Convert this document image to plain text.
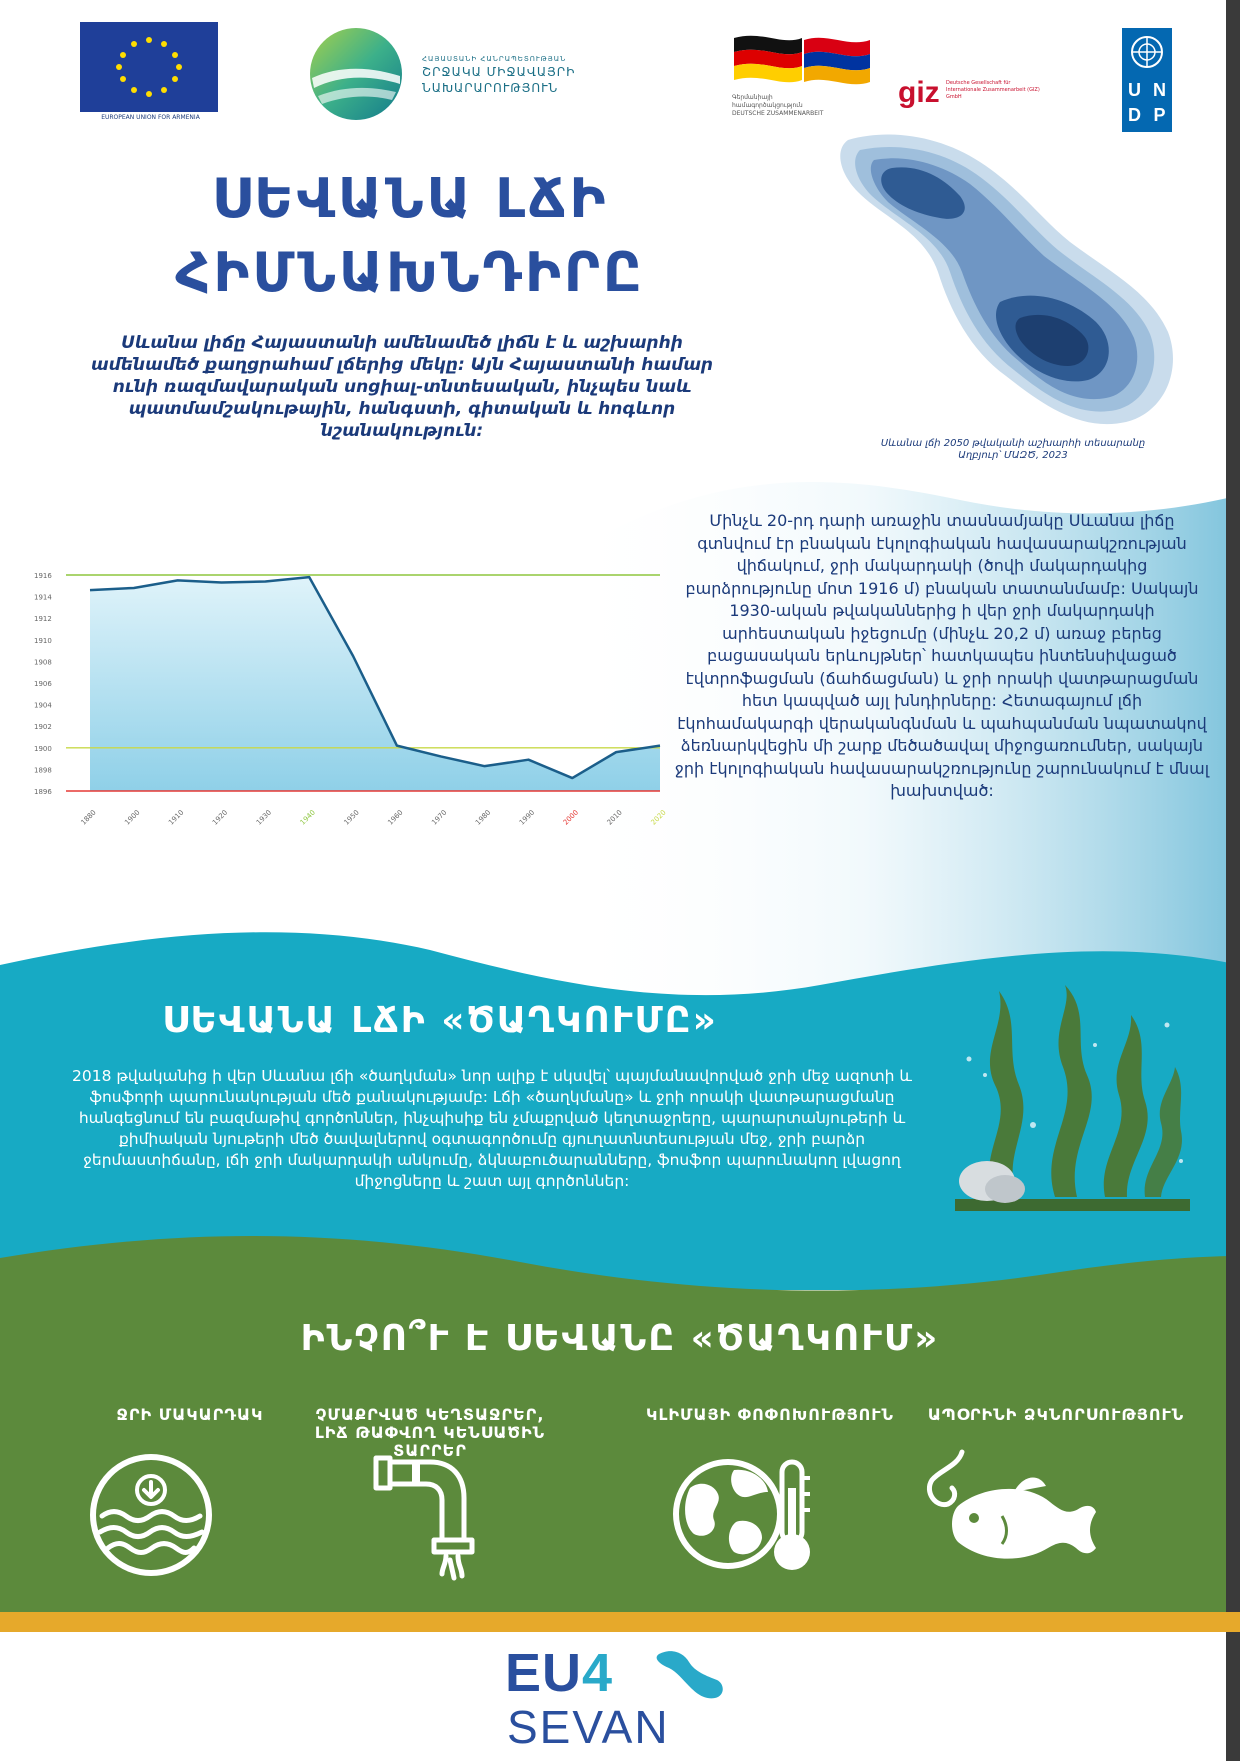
EUROPEAN UNION FOR ARMENIA
ՀԱՅԱՍՏԱՆԻ ՀԱՆՐԱՊԵՏՈՒԹՅԱՆ
ՇՐՋԱԿԱ ՄԻՋԱՎԱՅՐԻ
ՆԱԽԱՐԱՐՈՒԹՅՈՒՆ
Գերմանիայի
համագործակցություն
DEUTSCHE ZUSAMMENARBEIT
giz Deutsche Gesellschaft für Internationale Zusammenarbeit (GIZ) GmbH	U N
D P
ՍԵՎԱՆԱ ԼՃԻ
ՀԻՄՆԱԽՆԴԻՐԸ
Սևանա լիճը Հայաստանի ամենամեծ լիճն է և աշխարհի ամենամեծ քաղցրահամ լճերից մեկը: Այն Հայաստանի համար ունի ռազմավարական սոցիալ-տնտեսական, ինչպես նաև պատմամշակութային, հանգստի, գիտական և հոգևոր նշանակություն:
Սևանա լճի 2050 թվականի աշխարհի տեսարանը
Աղբյուր՝ ՄԱԶԾ, 2023
1916
1914
1912
1910
1908
1906
1904
1902
1900
1898
1896
1880	1900	1910	1920	1930	1940	1950	1960	1970	1980	1990	2000	2010	2020
Մինչև 20-րդ դարի առաջին տասնամյակը Սևանա լիճը գտնվում էր բնական էկոլոգիական հավասարակշռության վիճակում, ջրի մակարդակի (ծովի մակարդակից բարձրությունը մոտ 1916 մ) բնական տատանմամբ: Սակայն 1930-ական թվականներից ի վեր ջրի մակարդակի արհեստական իջեցումը (մինչև 20,2 մ) առաջ բերեց բացասական երևույթներ՝ հատկապես ինտենսիվացած էվտրոֆացման (ճահճացման) և ջրի որակի վատթարացման հետ կապված այլ խնդիրները: Հետագայում լճի էկոհամակարգի վերականգնման և պահպանման նպատակով ձեռնարկվեցին մի շարք մեծածավալ միջոցառումներ, սակայն ջրի էկոլոգիական հավասարակշռությունը շարունակում է մնալ խախտված:
ՍԵՎԱՆԱ ԼՃԻ «ԾԱՂԿՈՒՄԸ»
2018 թվականից ի վեր Սևանա լճի «ծաղկման» նոր ալիք է սկսվել՝ պայմանավորված ջրի մեջ ազոտի և ֆոսֆորի պարունակության մեծ քանակությամբ: Լճի «ծաղկմանը» և ջրի որակի վատթարացմանը հանգեցնում են բազմաթիվ գործոններ, ինչպիսիք են չմաքրված կեղտաջրերը, պարարտանյութերի և քիմիական նյութերի մեծ ծավալներով օգտագործումը գյուղատնտեսության մեջ, ջրի բարձր ջերմաստիճանը, լճի ջրի մակարդակի անկումը, ձկնաբուծարանները, ֆոսֆոր պարունակող լվացող միջոցները և շատ այլ գործոններ:
ԻՆՉՈ՞Ւ Է ՍԵՎԱՆԸ «ԾԱՂԿՈՒՄ»
ՋՐԻ ՄԱԿԱՐԴԱԿ	ՉՄԱՔՐՎԱԾ ԿԵՂՏԱՋՐԵՐ,
ԼԻՃ ԹԱՓՎՈՂ ԿԵՆՍԱԾԻՆ ՏԱՐՐԵՐ
ԿԼԻՄԱՅԻ ՓՈՓՈԽՈՒԹՅՈՒՆ	ԱՊՕՐԻՆԻ ՁԿՆՈՐՍՈՒԹՅՈՒՆ
EU4
SEVAN
